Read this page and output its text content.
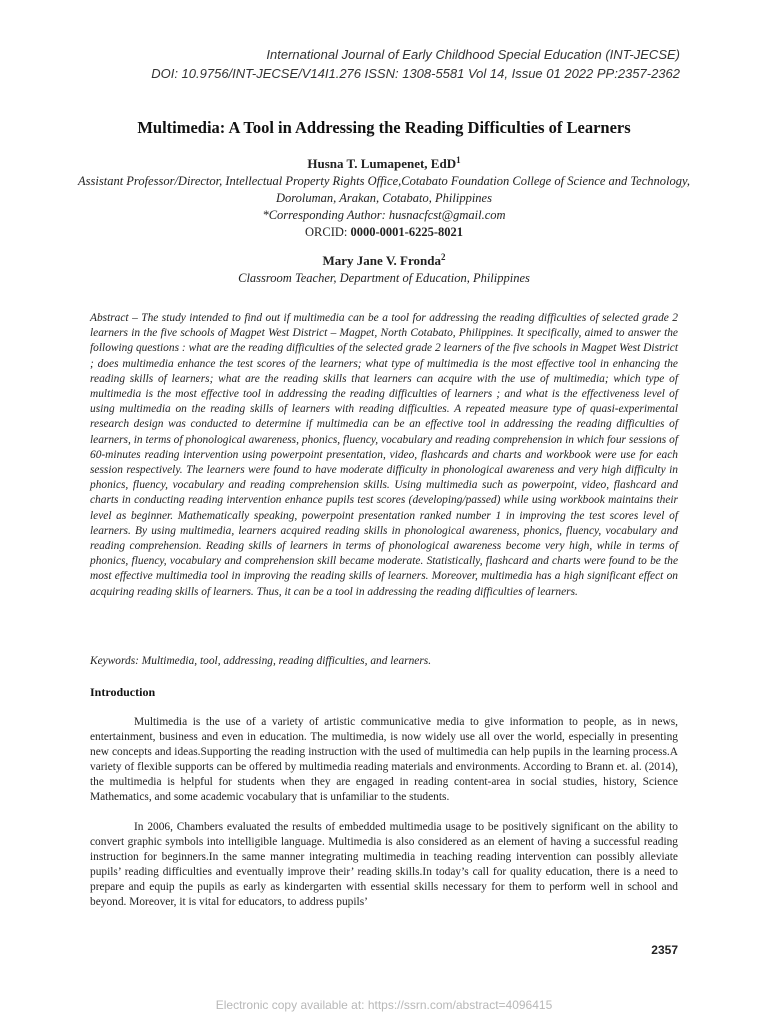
International Journal of Early Childhood Special Education (INT-JECSE)
DOI: 10.9756/INT-JECSE/V14I1.276 ISSN: 1308-5581 Vol 14, Issue 01 2022 PP:2357-2362
Multimedia: A Tool in Addressing the Reading Difficulties of Learners
Husna T. Lumapenet, EdD$^1$
Assistant Professor/Director, Intellectual Property Rights Office,Cotabato Foundation College of Science and Technology, Doroluman, Arakan, Cotabato, Philippines
*Corresponding Author: husnacfcst@gmail.com
ORCID: 0000-0001-6225-8021
Mary Jane V. Fronda$^2$
Classroom Teacher, Department of Education, Philippines
Abstract – The study intended to find out if multimedia can be a tool for addressing the reading difficulties of selected grade 2 learners in the five schools of Magpet West District – Magpet, North Cotabato, Philippines. It specifically, aimed to answer the following questions : what are the reading difficulties of the selected grade 2 learners of the five schools in Magpet West District ; does multimedia enhance the test scores of the learners; what type of multimedia is the most effective tool in enhancing the reading skills of learners; what are the reading skills that learners can acquire with the use of multimedia; which type of multimedia is the most effective tool in addressing the reading difficulties of learners ; and what is the effectiveness level of using multimedia on the reading skills of learners with reading difficulties. A repeated measure type of quasi-experimental research design was conducted to determine if multimedia can be an effective tool in addressing the reading difficulties of learners, in terms of phonological awareness, phonics, fluency, vocabulary and reading comprehension in which four sessions of 60-minutes reading intervention using powerpoint presentation, video, flashcards and charts and workbook were use for each session respectively. The learners were found to have moderate difficulty in phonological awareness and very high difficulty in phonics, fluency, vocabulary and reading comprehension skills. Using multimedia such as powerpoint, video, flashcard and charts in conducting reading intervention enhance pupils test scores (developing/passed) while using workbook maintains their level as beginner. Mathematically speaking, powerpoint presentation ranked number 1 in improving the test scores level of learners. By using multimedia, learners acquired reading skills in phonological awareness, phonics, fluency, vocabulary and reading comprehension. Reading skills of learners in terms of phonological awareness become very high, while in terms of phonics, fluency, vocabulary and comprehension skill became moderate. Statistically, flashcard and charts were found to be the most effective multimedia tool in improving the reading skills of learners. Moreover, multimedia has a high significant effect on acquiring reading skills of learners. Thus, it can be a tool in addressing the reading difficulties of learners.
Keywords: Multimedia, tool, addressing, reading difficulties, and learners.
Introduction

Multimedia is the use of a variety of artistic communicative media to give information to people, as in news, entertainment, business and even in education. The multimedia, is now widely use all over the world, especially in presenting new concepts and ideas.Supporting the reading instruction with the used of multimedia can help pupils in the learning process.A variety of flexible supports can be offered by multimedia reading materials and environments. According to Brann et. al. (2014), the multimedia is helpful for students when they are engaged in reading content-area in social studies, history, Science Mathematics, and some academic vocabulary that is unfamiliar to the students.

In 2006, Chambers evaluated the results of embedded multimedia usage to be positively significant on the ability to convert graphic symbols into intelligible language. Multimedia is also considered as an element of having a successful reading instruction for beginners.In the same manner integrating multimedia in teaching reading intervention can possibly alleviate pupils’ reading difficulties and eventually improve their’ reading skills.In today’s call for quality education, there is a need to prepare and equip the pupils as early as kindergarten with essential skills necessary for them to perform well in school and beyond. Moreover, it is vital for educators, to address pupils’

2357
Electronic copy available at: https://ssrn.com/abstract=4096415
